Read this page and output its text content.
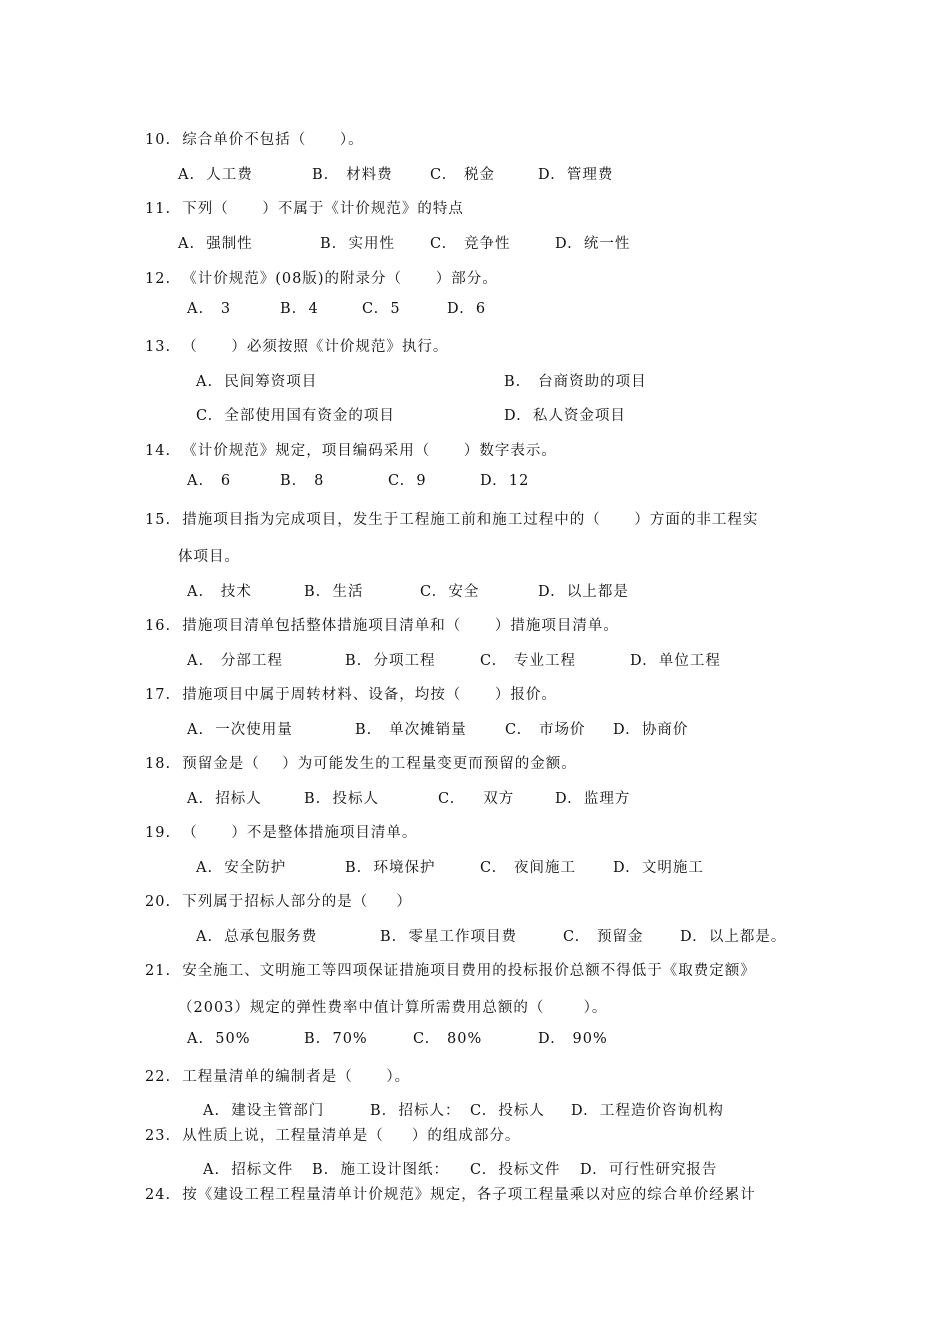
10.  综合单价不包括（      ）。
A.  人工费	B.   材料费	C.   税金	D.  管理费
11.  下列（      ）不属于《计价规范》的特点
A.  强制性	B.  实用性 C.   竞争性	D.  统一性
12.  《计价规范》(08版)的附录分（      ）部分。
A.   3	B.  4	C.  5	D.  6
13.  （      ）必须按照《计价规范》执行。
A.  民间筹资项目	B.   台商资助的项目
C.  全部使用国有资金的项目	D.  私人资金项目
14.  《计价规范》规定，项目编码采用（      ）数字表示。
A.   6	B.   8	C.  9	D.  12
15.  措施项目指为完成项目，发生于工程施工前和施工过程中的（      ）方面的非工程实
体项目。
A.   技术	B.  生活	C.  安全	D.  以上都是
16.  措施项目清单包括整体措施项目清单和（      ）措施项目清单。
A.   分部工程	B.  分项工程	C.   专业工程	D.  单位工程
17.  措施项目中属于周转材料、设备，均按（      ）报价。
A.  一次使用量	B.   单次摊销量	C.   市场价 D.  协商价
18.  预留金是（    ）为可能发生的工程量变更而预留的金额。
A.  招标人	B.  投标人	C.     双方	D.  监理方
19.  （      ）不是整体措施项目清单。
A.  安全防护	B.  环境保护	C.   夜间施工	D.  文明施工
20.  下列属于招标人部分的是（     ）
A.  总承包服务费	B.  零星工作项目费	C.   预留金	D.  以上都是。
21.  安全施工、文明施工等四项保证措施项目费用的投标报价总额不得低于《取费定额》
（2003）规定的弹性费率中值计算所需费用总额的（       ）。
A.  50%	B.  70%	C.   80%	D.   90%
22.  工程量清单的编制者是（      ）。
A.  建设主管部门	B.  招标人： C.  投标人 D.  工程造价咨询机构
23.  从性质上说，工程量清单是（     ）的组成部分。
A.  招标文件 B.  施工设计图纸： C.  投标文件 D.  可行性研究报告
24.  按《建设工程工程量清单计价规范》规定，各子项工程量乘以对应的综合单价经累计
